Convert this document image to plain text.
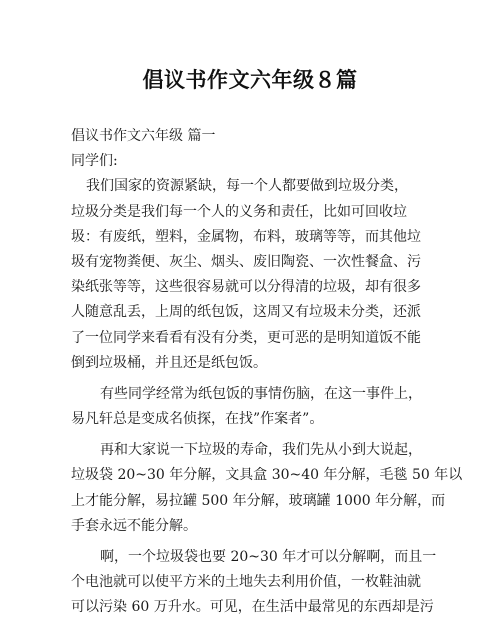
倡议书作文六年级８篇
倡议书作文六年级 篇一
同学们:
我们国家的资源紧缺，每一个人都要做到垃圾分类，
垃圾分类是我们每一个人的义务和责任，比如可回收垃
圾：有废纸，塑料，金属物，布料，玻璃等等，而其他垃
圾有宠物粪便、灰尘、烟头、废旧陶瓷、一次性餐盒、污
染纸张等等，这些很容易就可以分得清的垃圾，却有很多
人随意乱丢，上周的纸包饭，这周又有垃圾未分类，还派
了一位同学来看看有没有分类，更可恶的是明知道饭不能
倒到垃圾桶，并且还是纸包饭。
有些同学经常为纸包饭的事情伤脑，在这一事件上，
易凡轩总是变成名侦探，在找”作案者”。
再和大家说一下垃圾的寿命，我们先从小到大说起，
垃圾袋 20~30 年分解，文具盒 30~40 年分解，毛毯 50 年以
上才能分解，易拉罐 500 年分解，玻璃罐 1000 年分解，而
手套永远不能分解。
啊，一个垃圾袋也要 20~30 年才可以分解啊，而且一
个电池就可以使平方米的土地失去利用价值，一枚鞋油就
可以污染 60 万升水。可见，在生活中最常见的东西却是污
